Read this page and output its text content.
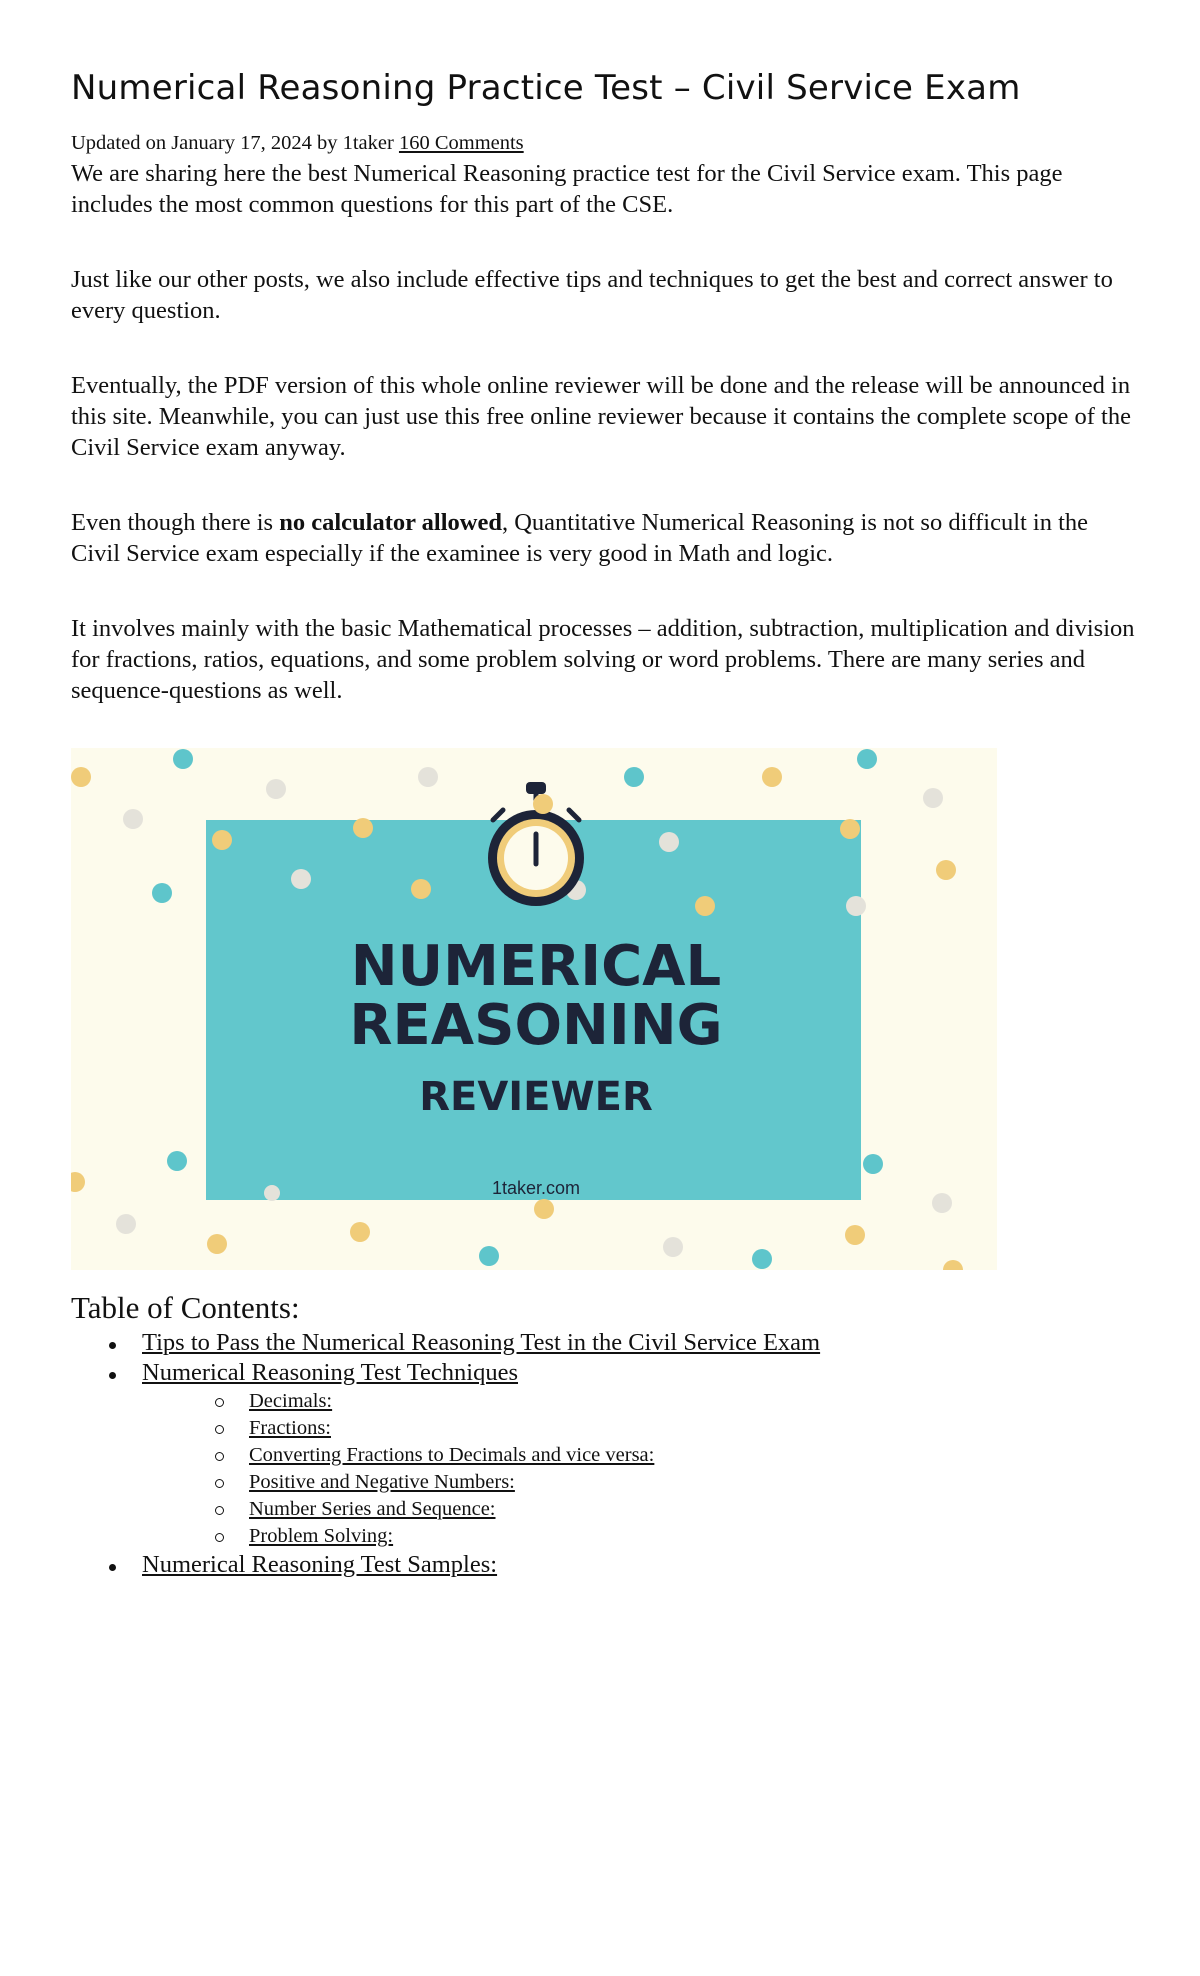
Numerical Reasoning Practice Test – Civil Service Exam
Updated on January 17, 2024 by 1taker 160 Comments

We are sharing here the best Numerical Reasoning practice test for the Civil Service exam. This page includes the most common questions for this part of the CSE.

Just like our other posts, we also include effective tips and techniques to get the best and correct answer to every question.

Eventually, the PDF version of this whole online reviewer will be done and the release will be announced in this site. Meanwhile, you can just use this free online reviewer because it contains the complete scope of the Civil Service exam anyway.

Even though there is no calculator allowed, Quantitative Numerical Reasoning is not so difficult in the Civil Service exam especially if the examinee is very good in Math and logic.

It involves mainly with the basic Mathematical processes – addition, subtraction, multiplication and division for fractions, ratios, equations, and some problem solving or word problems. There are many series and sequence-questions as well.

NUMERICAL
REASONING
REVIEWER
1taker.com
Table of Contents:
Tips to Pass the Numerical Reasoning Test in the Civil Service Exam
Numerical Reasoning Test Techniques
Decimals:
Fractions:
Converting Fractions to Decimals and vice versa:
Positive and Negative Numbers:
Number Series and Sequence:
Problem Solving:
Numerical Reasoning Test Samples:
